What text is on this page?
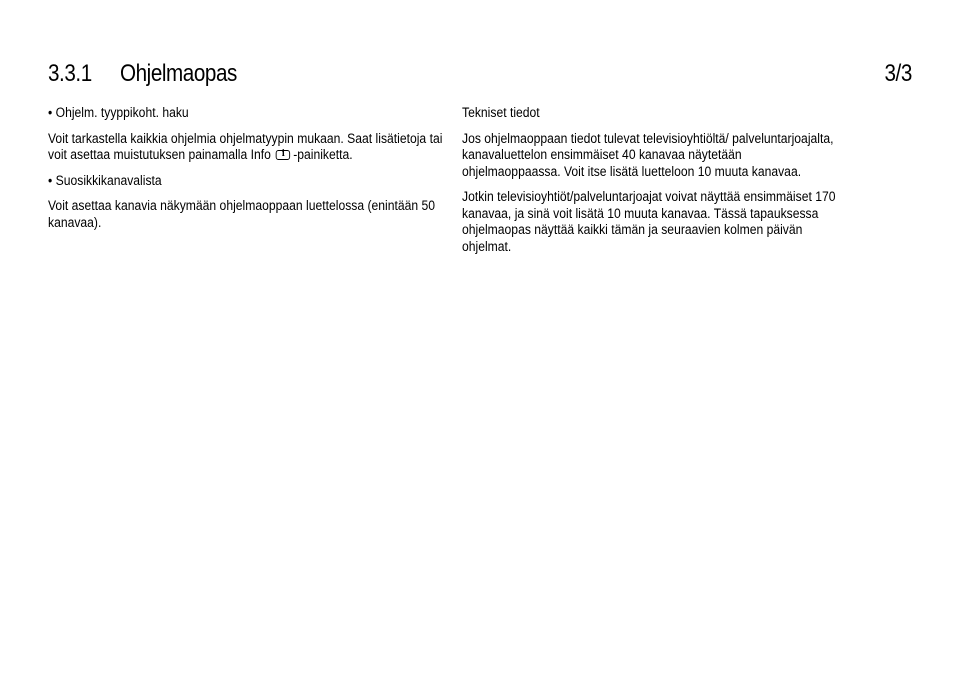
3.3.1 Ohjelmaopas	3/3

• Ohjelm. tyyppikoht. haku

Voit tarkastella kaikkia ohjelmia ohjelmatyypin mukaan. Saat lisätietoja tai voit asettaa muistutuksen painamalla Info	i -painiketta.

• Suosikkikanavalista

Voit asettaa kanavia näkymään ohjelmaoppaan luettelossa (enintään 50 kanavaa).

Tekniset tiedot

Jos ohjelmaoppaan tiedot tulevat televisioyhtiöltä/ palveluntarjoajalta, kanavaluettelon ensimmäiset 40 kanavaa näytetään ohjelmaoppaassa. Voit itse lisätä luetteloon 10 muuta kanavaa.

Jotkin televisioyhtiöt/palveluntarjoajat voivat näyttää ensimmäiset 170 kanavaa, ja sinä voit lisätä 10 muuta kanavaa. Tässä tapauksessa ohjelmaopas näyttää kaikki tämän ja seuraavien kolmen päivän ohjelmat.
